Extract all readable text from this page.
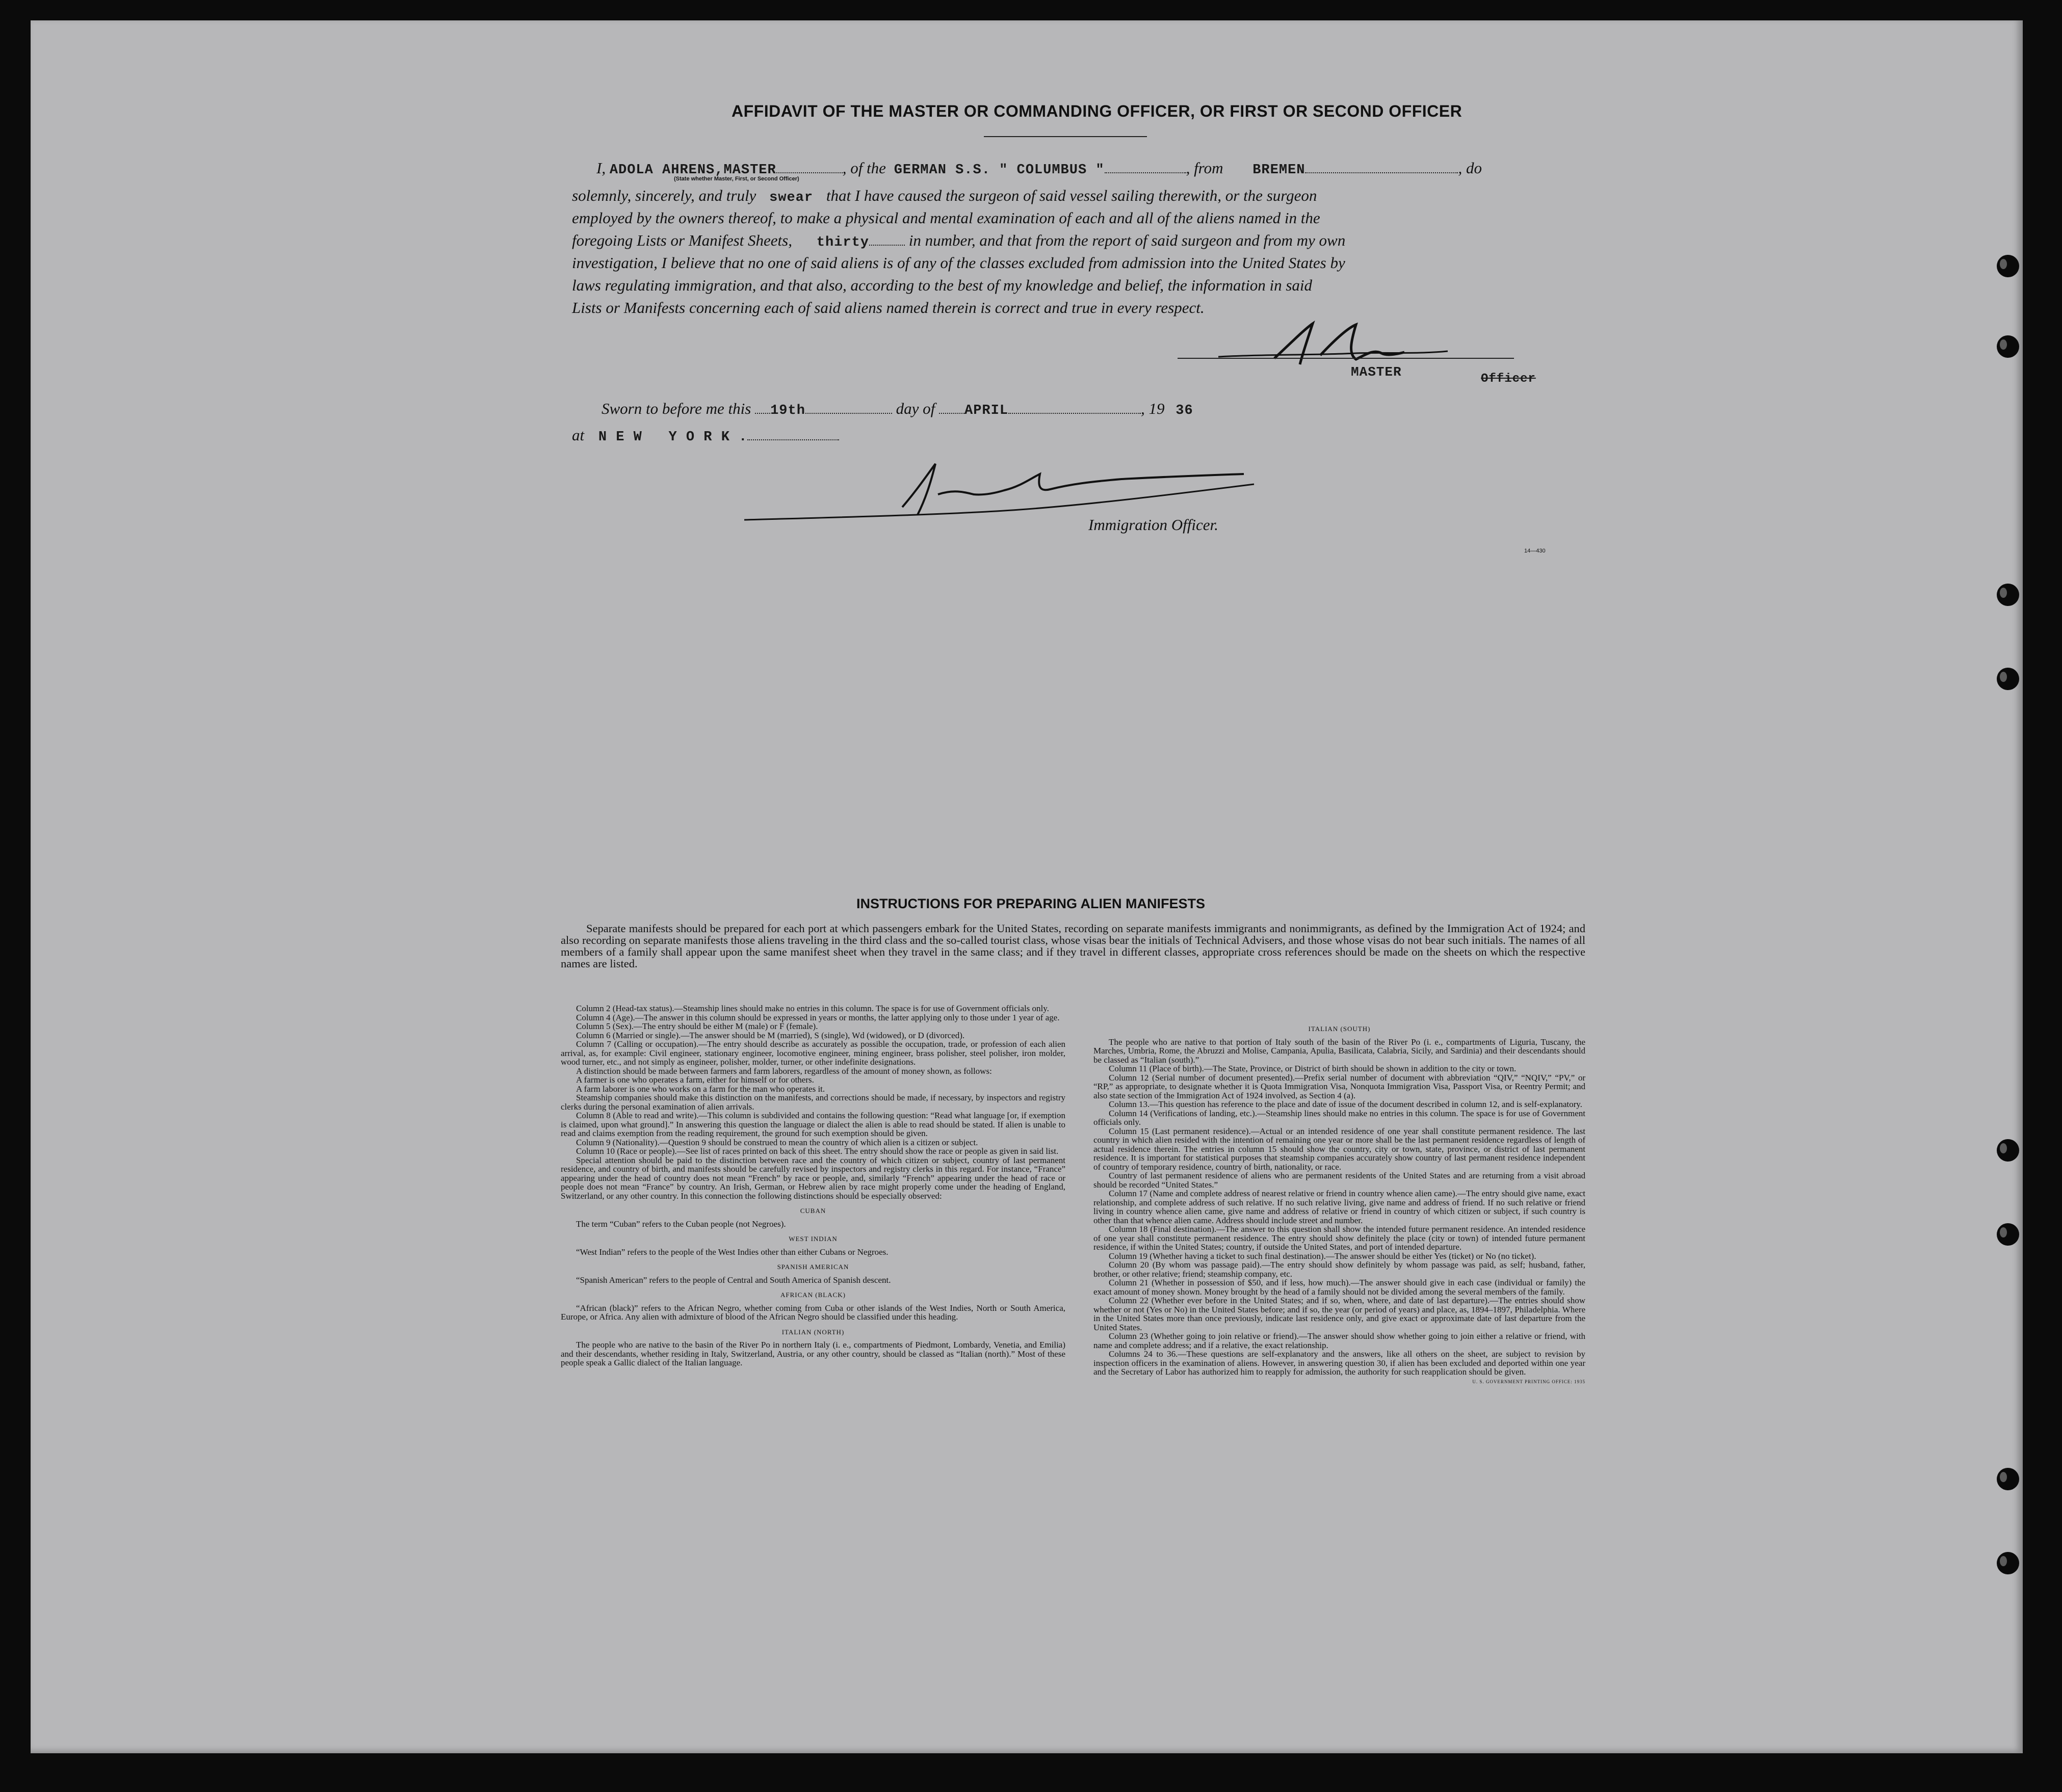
AFFIDAVIT OF THE MASTER OR COMMANDING OFFICER, OR FIRST OR SECOND OFFICER
I, ADOLA AHRENS,MASTER	, of the GERMAN S.S. " COLUMBUS "	, from BREMEN	, do
(State whether Master, First, or Second Officer)
solemnly, sincerely, and truly swear that I have caused the surgeon of said vessel sailing therewith, or the surgeon
employed by the owners thereof, to make a physical and mental examination of each and all of the aliens named in the
foregoing Lists or Manifest Sheets, thirty	in number, and that from the report of said surgeon and from my own
investigation, I believe that no one of said aliens is of any of the classes excluded from admission into the United States by
laws regulating immigration, and that also, according to the best of my knowledge and belief, the information in said
Lists or Manifests concerning each of said aliens named therein is correct and true in every respect.
MASTER	Officer
Sworn to before me this 19th	day of APRIL	, 19 36
at N E W   Y O R K .
Immigration Officer.
14—430
INSTRUCTIONS FOR PREPARING ALIEN MANIFESTS

Separate manifests should be prepared for each port at which passengers embark for the United States, recording on separate manifests immigrants and nonimmigrants, as defined by the Immigration Act of 1924; and also recording on separate manifests those aliens traveling in the third class and the so-called tourist class, whose visas bear the initials of Technical Advisers, and those whose visas do not bear such initials. The names of all members of a family shall appear upon the same manifest sheet when they travel in the same class; and if they travel in different classes, appropriate cross references should be made on the sheets on which the respective names are listed.

Column 2 (Head-tax status).—Steamship lines should make no entries in this column. The space is for use of Government officials only.

Column 4 (Age).—The answer in this column should be expressed in years or months, the latter applying only to those under 1 year of age.

Column 5 (Sex).—The entry should be either M (male) or F (female).

Column 6 (Married or single).—The answer should be M (married), S (single), Wd (widowed), or D (divorced).

Column 7 (Calling or occupation).—The entry should describe as accurately as possible the occupation, trade, or profession of each alien arrival, as, for example: Civil engineer, stationary engineer, locomotive engineer, mining engineer, brass polisher, steel polisher, iron molder, wood turner, etc., and not simply as engineer, polisher, molder, turner, or other indefinite designations.

A distinction should be made between farmers and farm laborers, regardless of the amount of money shown, as follows:

A farmer is one who operates a farm, either for himself or for others.

A farm laborer is one who works on a farm for the man who operates it.

Steamship companies should make this distinction on the manifests, and corrections should be made, if necessary, by inspectors and registry clerks during the personal examination of alien arrivals.

Column 8 (Able to read and write).—This column is subdivided and contains the following question: “Read what language [or, if exemption is claimed, upon what ground].” In answering this question the language or dialect the alien is able to read should be stated. If alien is unable to read and claims exemption from the reading requirement, the ground for such exemption should be given.

Column 9 (Nationality).—Question 9 should be construed to mean the country of which alien is a citizen or subject.

Column 10 (Race or people).—See list of races printed on back of this sheet. The entry should show the race or people as given in said list.

Special attention should be paid to the distinction between race and the country of which citizen or subject, country of last permanent residence, and country of birth, and manifests should be carefully revised by inspectors and registry clerks in this regard. For instance, “France” appearing under the head of country does not mean “French” by race or people, and, similarly “French” appearing under the head of race or people does not mean “France” by country. An Irish, German, or Hebrew alien by race might properly come under the heading of England, Switzerland, or any other country. In this connection the following distinctions should be especially observed:

CUBAN

The term “Cuban” refers to the Cuban people (not Negroes).

WEST INDIAN

“West Indian” refers to the people of the West Indies other than either Cubans or Negroes.

SPANISH AMERICAN

“Spanish American” refers to the people of Central and South America of Spanish descent.

AFRICAN (BLACK)

“African (black)” refers to the African Negro, whether coming from Cuba or other islands of the West Indies, North or South America, Europe, or Africa. Any alien with admixture of blood of the African Negro should be classified under this heading.

ITALIAN (NORTH)

The people who are native to the basin of the River Po in northern Italy (i. e., compartments of Piedmont, Lombardy, Venetia, and Emilia) and their descendants, whether residing in Italy, Switzerland, Austria, or any other country, should be classed as “Italian (north).” Most of these people speak a Gallic dialect of the Italian language.

ITALIAN (SOUTH)

The people who are native to that portion of Italy south of the basin of the River Po (i. e., compartments of Liguria, Tuscany, the Marches, Umbria, Rome, the Abruzzi and Molise, Campania, Apulia, Basilicata, Calabria, Sicily, and Sardinia) and their descendants should be classed as “Italian (south).”

Column 11 (Place of birth).—The State, Province, or District of birth should be shown in addition to the city or town.

Column 12 (Serial number of document presented).—Prefix serial number of document with abbreviation “QIV,” “NQIV,” “PV,” or “RP,” as appropriate, to designate whether it is Quota Immigration Visa, Nonquota Immigration Visa, Passport Visa, or Reentry Permit; and also state section of the Immigration Act of 1924 involved, as Section 4 (a).

Column 13.—This question has reference to the place and date of issue of the document described in column 12, and is self-explanatory.

Column 14 (Verifications of landing, etc.).—Steamship lines should make no entries in this column. The space is for use of Government officials only.

Column 15 (Last permanent residence).—Actual or an intended residence of one year shall constitute permanent residence. The last country in which alien resided with the intention of remaining one year or more shall be the last permanent residence regardless of length of actual residence therein. The entries in column 15 should show the country, city or town, state, province, or district of last permanent residence. It is important for statistical purposes that steamship companies accurately show country of last permanent residence independent of country of temporary residence, country of birth, nationality, or race.

Country of last permanent residence of aliens who are permanent residents of the United States and are returning from a visit abroad should be recorded “United States.”

Column 17 (Name and complete address of nearest relative or friend in country whence alien came).—The entry should give name, exact relationship, and complete address of such relative. If no such relative living, give name and address of friend. If no such relative or friend living in country whence alien came, give name and address of relative or friend in country of which citizen or subject, if such country is other than that whence alien came. Address should include street and number.

Column 18 (Final destination).—The answer to this question shall show the intended future permanent residence. An intended residence of one year shall constitute permanent residence. The entry should show definitely the place (city or town) of intended future permanent residence, if within the United States; country, if outside the United States, and port of intended departure.

Column 19 (Whether having a ticket to such final destination).—The answer should be either Yes (ticket) or No (no ticket).

Column 20 (By whom was passage paid).—The entry should show definitely by whom passage was paid, as self; husband, father, brother, or other relative; friend; steamship company, etc.

Column 21 (Whether in possession of $50, and if less, how much).—The answer should give in each case (individual or family) the exact amount of money shown. Money brought by the head of a family should not be divided among the several members of the family.

Column 22 (Whether ever before in the United States; and if so, when, where, and date of last departure).—The entries should show whether or not (Yes or No) in the United States before; and if so, the year (or period of years) and place, as, 1894–1897, Philadelphia. Where in the United States more than once previously, indicate last residence only, and give exact or approximate date of last departure from the United States.

Column 23 (Whether going to join relative or friend).—The answer should show whether going to join either a relative or friend, with name and complete address; and if a relative, the exact relationship.

Columns 24 to 36.—These questions are self-explanatory and the answers, like all others on the sheet, are subject to revision by inspection officers in the examination of aliens. However, in answering question 30, if alien has been excluded and deported within one year and the Secretary of Labor has authorized him to reapply for admission, the authority for such reapplication should be given.

U. S. GOVERNMENT PRINTING OFFICE: 1935
